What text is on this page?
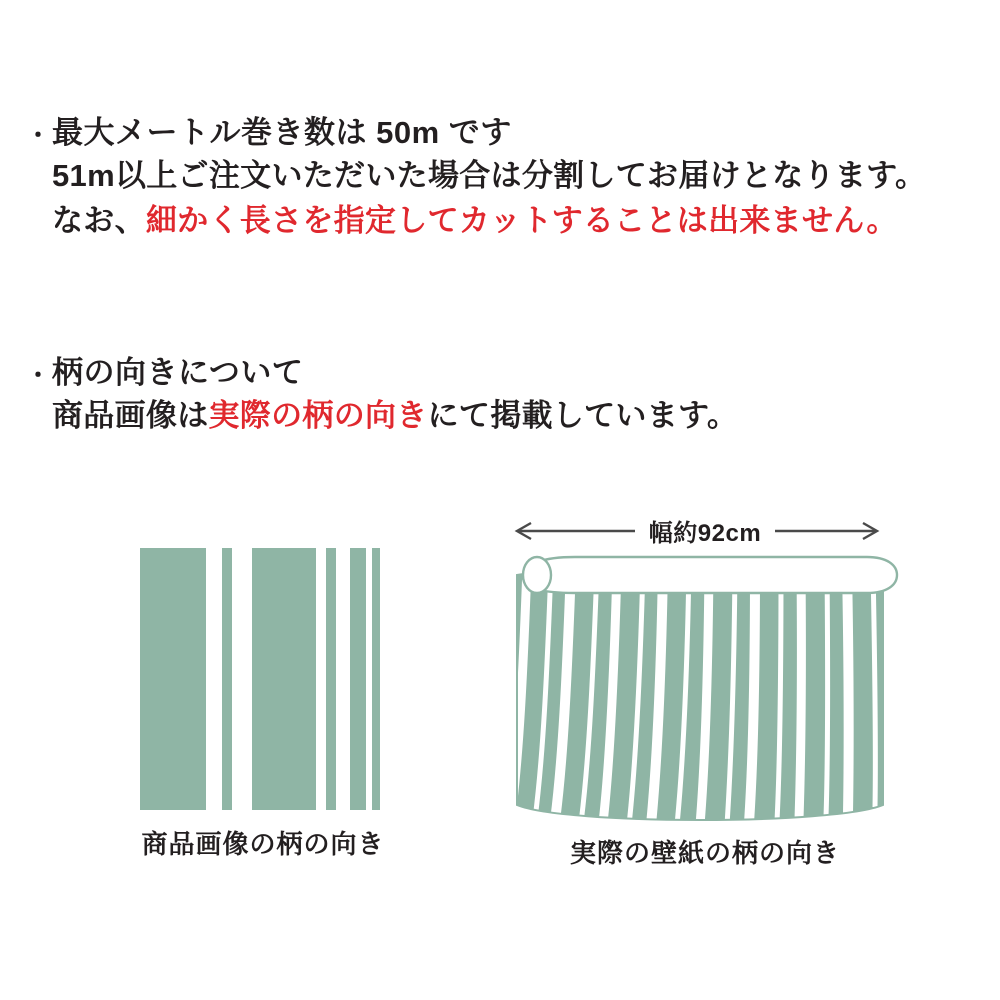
・ 最大メートル巻き数は 50m です
51m以上ご注文いただいた場合は分割してお届けとなります。
なお、細かく長さを指定してカットすることは出来ません。
・ 柄の向きについて
商品画像は実際の柄の向きにて掲載しています。
商品画像の柄の向き
幅約92cm
実際の壁紙の柄の向き
